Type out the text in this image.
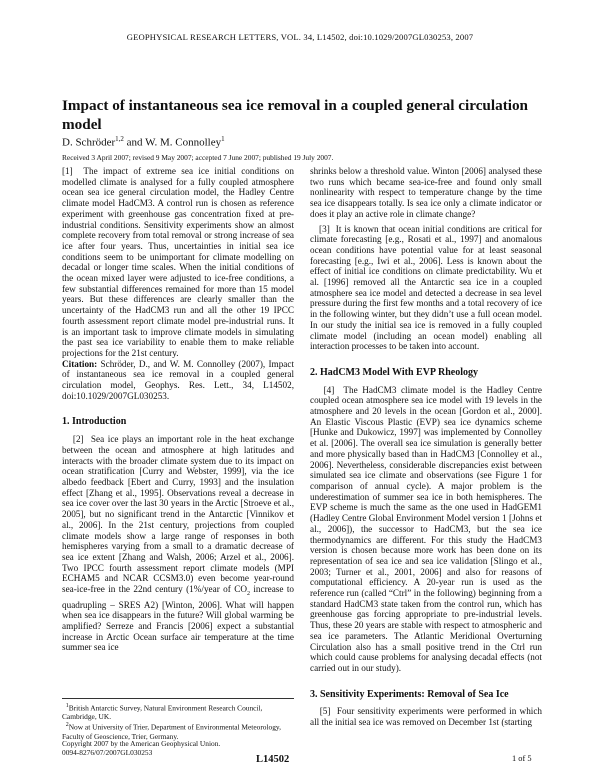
GEOPHYSICAL RESEARCH LETTERS, VOL. 34, L14502, doi:10.1029/2007GL030253, 2007
Impact of instantaneous sea ice removal in a coupled general circulation model
D. Schröder$^{1,2}$ and W. M. Connolley$^1$
Received 3 April 2007; revised 9 May 2007; accepted 7 June 2007; published 19 July 2007.

[1] The impact of extreme sea ice initial conditions on modelled climate is analysed for a fully coupled atmosphere ocean sea ice general circulation model, the Hadley Centre climate model HadCM3. A control run is chosen as reference experiment with greenhouse gas concentration fixed at pre-industrial conditions. Sensitivity experiments show an almost complete recovery from total removal or strong increase of sea ice after four years. Thus, uncertainties in initial sea ice conditions seem to be unimportant for climate modelling on decadal or longer time scales. When the initial conditions of the ocean mixed layer were adjusted to ice-free conditions, a few substantial differences remained for more than 15 model years. But these differences are clearly smaller than the uncertainty of the HadCM3 run and all the other 19 IPCC fourth assessment report climate model pre-industrial runs. It is an important task to improve climate models in simulating the past sea ice variability to enable them to make reliable projections for the 21st century.

Citation: Schröder, D., and W. M. Connolley (2007), Impact of instantaneous sea ice removal in a coupled general circulation model, Geophys. Res. Lett., 34, L14502, doi:10.1029/2007GL030253.

1. Introduction

[2] Sea ice plays an important role in the heat exchange between the ocean and atmosphere at high latitudes and interacts with the broader climate system due to its impact on ocean stratification [Curry and Webster, 1999], via the ice albedo feedback [Ebert and Curry, 1993] and the insulation effect [Zhang et al., 1995]. Observations reveal a decrease in sea ice cover over the last 30 years in the Arctic [Stroeve et al., 2005], but no significant trend in the Antarctic [Vinnikov et al., 2006]. In the 21st century, projections from coupled climate models show a large range of responses in both hemispheres varying from a small to a dramatic decrease of sea ice extent [Zhang and Walsh, 2006; Arzel et al., 2006]. Two IPCC fourth assessment report climate models (MPI ECHAM5 and NCAR CCSM3.0) even become year-round sea-ice-free in the 22nd century (1%/year of $CO_2$ increase to quadrupling – SRES A2) [Winton, 2006]. What will happen when sea ice disappears in the future? Will global warming be amplified? Serreze and Francis [2006] expect a substantial increase in Arctic Ocean surface air temperature at the time summer sea ice

shrinks below a threshold value. Winton [2006] analysed these two runs which became sea-ice-free and found only small nonlinearity with respect to temperature change by the time sea ice disappears totally. Is sea ice only a climate indicator or does it play an active role in climate change?

[3] It is known that ocean initial conditions are critical for climate forecasting [e.g., Rosati et al., 1997] and anomalous ocean conditions have potential value for at least seasonal forecasting [e.g., Iwi et al., 2006]. Less is known about the effect of initial ice conditions on climate predictability. Wu et al. [1996] removed all the Antarctic sea ice in a coupled atmosphere sea ice model and detected a decrease in sea level pressure during the first few months and a total recovery of ice in the following winter, but they didn’t use a full ocean model. In our study the initial sea ice is removed in a fully coupled climate model (including an ocean model) enabling all interaction processes to be taken into account.

2. HadCM3 Model With EVP Rheology

[4] The HadCM3 climate model is the Hadley Centre coupled ocean atmosphere sea ice model with 19 levels in the atmosphere and 20 levels in the ocean [Gordon et al., 2000]. An Elastic Viscous Plastic (EVP) sea ice dynamics scheme [Hunke and Dukowicz, 1997] was implemented by Connolley et al. [2006]. The overall sea ice simulation is generally better and more physically based than in HadCM3 [Connolley et al., 2006]. Nevertheless, considerable discrepancies exist between simulated sea ice climate and observations (see Figure 1 for comparison of annual cycle). A major problem is the underestimation of summer sea ice in both hemispheres. The EVP scheme is much the same as the one used in HadGEM1 (Hadley Centre Global Environment Model version 1 [Johns et al., 2006]), the successor to HadCM3, but the sea ice thermodynamics are different. For this study the HadCM3 version is chosen because more work has been done on its representation of sea ice and sea ice validation [Slingo et al., 2003; Turner et al., 2001, 2006] and also for reasons of computational efficiency. A 20-year run is used as the reference run (called “Ctrl” in the following) beginning from a standard HadCM3 state taken from the control run, which has greenhouse gas forcing appropriate to pre-industrial levels. Thus, these 20 years are stable with respect to atmospheric and sea ice parameters. The Atlantic Meridional Overturning Circulation also has a small positive trend in the Ctrl run which could cause problems for analysing decadal effects (not carried out in our study).

3. Sensitivity Experiments: Removal of Sea Ice

[5] Four sensitivity experiments were performed in which all the initial sea ice was removed on December 1st (starting

$^1$British Antarctic Survey, Natural Environment Research Council, Cambridge, UK.
$^2$Now at University of Trier, Department of Environmental Meteorology, Faculty of Geoscience, Trier, Germany.
Copyright 2007 by the American Geophysical Union.
0094-8276/07/2007GL030253
L14502	1 of 5
